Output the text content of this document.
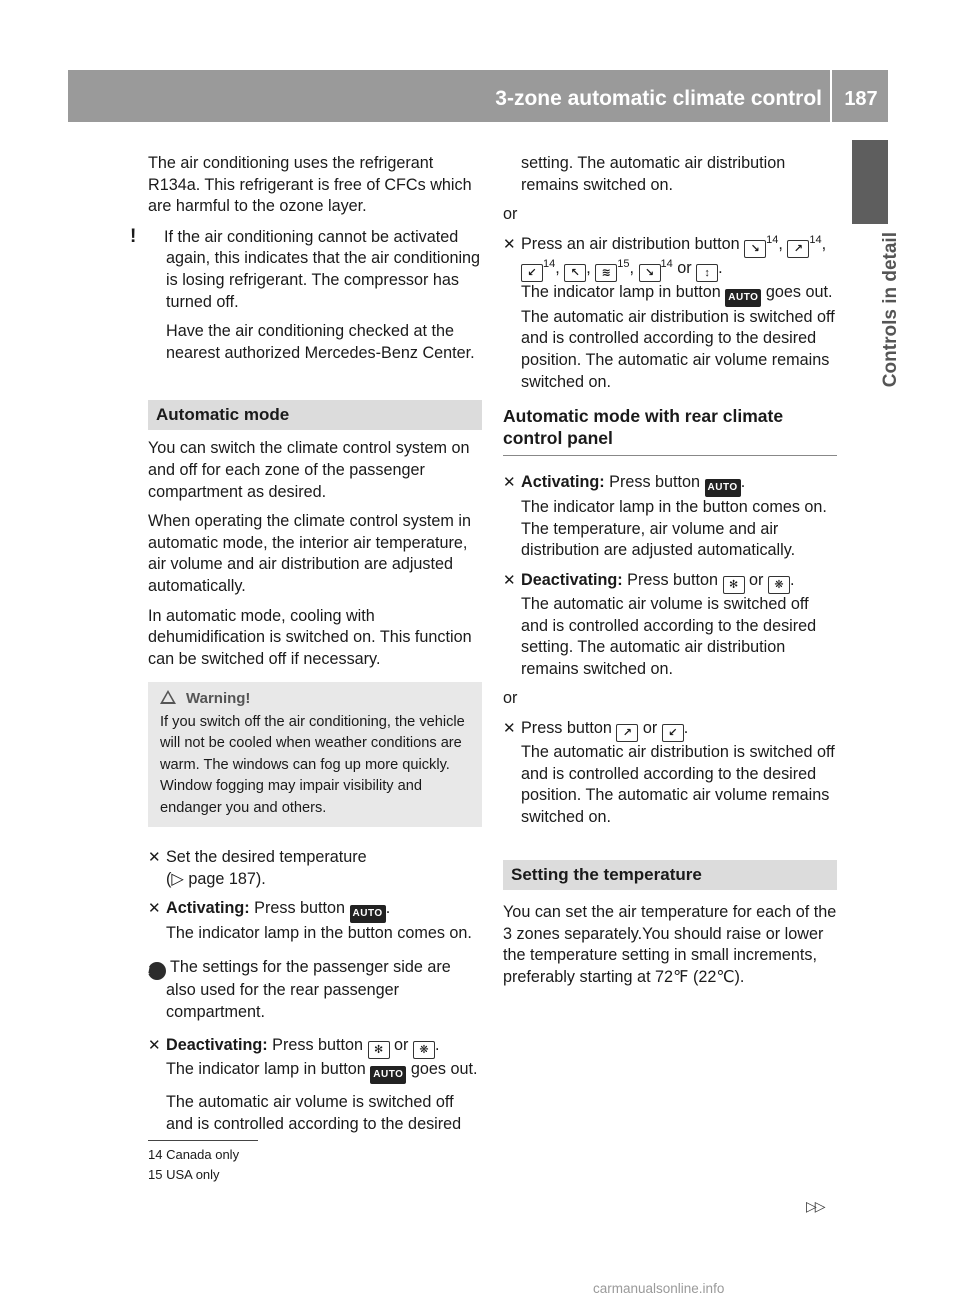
3-zone automatic climate control	187
Controls in detail

The air conditioning uses the refrigerant R134a. This refrigerant is free of CFCs which are harmful to the ozone layer.

! If the air conditioning cannot be activated again, this indicates that the air conditioning is losing refrigerant. The compressor has turned off.

Have the air conditioning checked at the nearest authorized Mercedes-Benz Center.

Automatic mode

You can switch the climate control system on and off for each zone of the passenger compartment as desired.

When operating the climate control system in automatic mode, the interior air temperature, air volume and air distribution are adjusted automatically.

In automatic mode, cooling with dehumidification is switched on. This function can be switched off if necessary.

Warning!

If you switch off the air conditioning, the vehicle will not be cooled when weather conditions are warm. The windows can fog up more quickly. Window fogging may impair visibility and endanger you and others.

✕ Set the desired temperature
(▷ page 187).

✕ Activating: Press button AUTO .

The indicator lamp in the button comes on.

i The settings for the passenger side are also used for the rear passenger compartment.

✕ Deactivating: Press button ✻ or ❋ .

The indicator lamp in button AUTO goes out.

The automatic air volume is switched off and is controlled according to the desired

setting. The automatic air distribution remains switched on.

or

✕ Press an air distribution button ↘$^{14}$, ↗$^{14}$, ↙$^{14}$, ↖ , ≋$^{15}$, ↘$^{14}$ or ↕ .

The indicator lamp in button AUTO goes out. The automatic air distribution is switched off and is controlled according to the desired position. The automatic air volume remains switched on.

Automatic mode with rear climate control panel
✕ Activating: Press button AUTO .

The indicator lamp in the button comes on. The temperature, air volume and air distribution are adjusted automatically.

✕ Deactivating: Press button ✻ or ❋ .

The automatic air volume is switched off and is controlled according to the desired setting. The automatic air distribution remains switched on.

or

✕ Press button ↗ or ↙ .

The automatic air distribution is switched off and is controlled according to the desired position. The automatic air volume remains switched on.

Setting the temperature

You can set the air temperature for each of the 3 zones separately.You should raise or lower the temperature setting in small increments, preferably starting at 72℉ (22℃).

14 Canada only
15 USA only
▷▷
carmanualsonline.info
